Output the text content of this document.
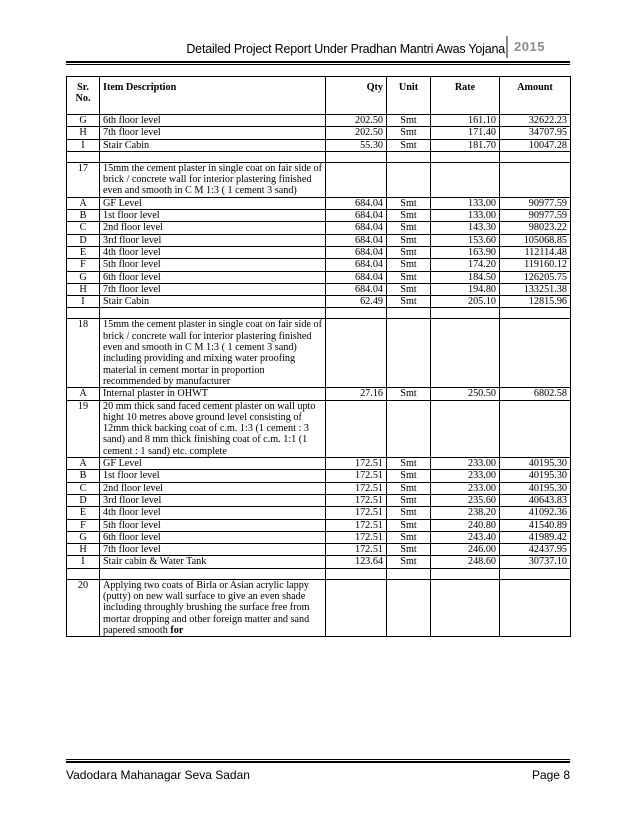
Detailed Project Report Under Pradhan Mantri Awas Yojana 2015
Sr. No.	Item Description	Qty	Unit	Rate	Amount
G	6th floor level	202.50	Smt	161.10	32622.23
H	7th floor level	202.50	Smt	171.40	34707.95
I	Stair Cabin	55.30	Smt	181.70	10047.28

17	15mm the cement plaster in single coat on fair side of brick / concrete wall for interior plastering finished even and smooth in C M 1:3 ( 1 cement 3 sand)				
A	GF Level	684.04	Smt	133.00	90977.59
B	1st floor level	684.04	Smt	133.00	90977.59
C	2nd floor level	684.04	Smt	143.30	98023.22
D	3rd floor level	684.04	Smt	153.60	105068.85
E	4th floor level	684.04	Smt	163.90	112114.48
F	5th floor level	684.04	Smt	174.20	119160.12
G	6th floor level	684.04	Smt	184.50	126205.75
H	7th floor level	684.04	Smt	194.80	133251.38
I	Stair Cabin	62.49	Smt	205.10	12815.96

18	15mm the cement plaster in single coat on fair side of brick / concrete wall for interior plastering finished even and smooth in C M 1:3 ( 1 cement 3 sand) including providing and mixing water proofing material in cement mortar in proportion recommended by manufacturer				
A	Internal plaster in OHWT	27.16	Smt	250.50	6802.58
19	20 mm thick sand faced cement plaster on wall upto hight 10 metres above ground level consisting of 12mm thick backing coat of c.m. 1:3 (1 cement : 3 sand) and 8 mm thick finishing coat of c.m. 1:1 (1 cement : 1 sand) etc. complete				
A	GF Level	172.51	Smt	233.00	40195.30
B	1st floor level	172.51	Smt	233.00	40195.30
C	2nd floor level	172.51	Smt	233.00	40195.30
D	3rd floor level	172.51	Smt	235.60	40643.83
E	4th floor level	172.51	Smt	238.20	41092.36
F	5th floor level	172.51	Smt	240.80	41540.89
G	6th floor level	172.51	Smt	243.40	41989.42
H	7th floor level	172.51	Smt	246.00	42437.95
I	Stair cabin & Water Tank	123.64	Smt	248.60	30737.10

20	Applying two coats of Birla or Asian acrylic lappy (putty) on new wall surface to give an even shade including throughly brushing the surface free from mortar dropping and other foreign matter and sand papered smooth for				
Vadodara Mahanagar Seva Sadan	Page 8
